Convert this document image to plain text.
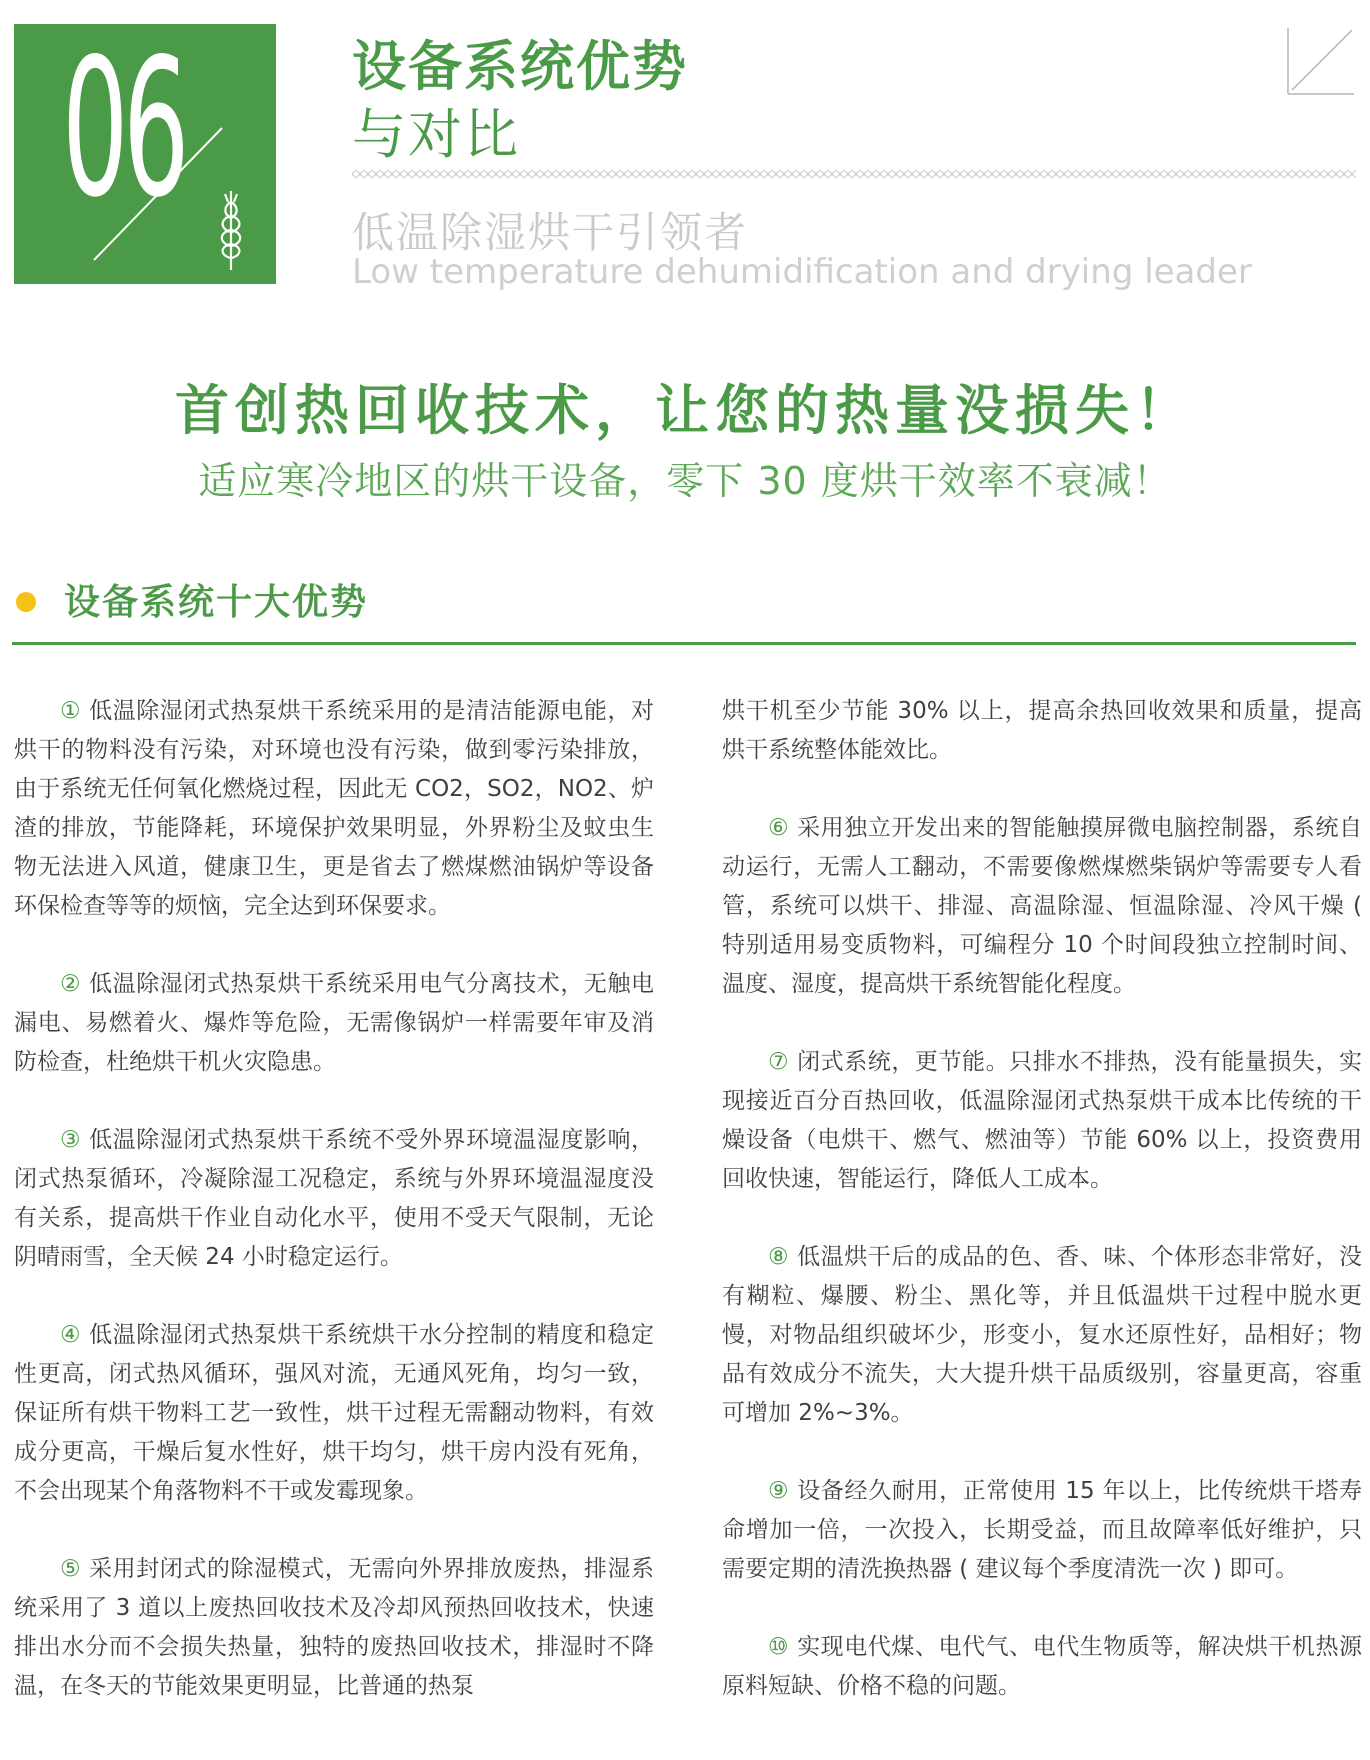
06	设备系统优势
与对比
低温除湿烘干引领者
Low temperature dehumidification and drying leader
首创热回收技术，让您的热量没损失！
适应寒冷地区的烘干设备，零下 30 度烘干效率不衰减！
设备系统十大优势

① 低温除湿闭式热泵烘干系统采用的是清洁能源电能，对烘干的物料没有污染，对环境也没有污染，做到零污染排放，由于系统无任何氧化燃烧过程，因此无 CO2，SO2，NO2、炉渣的排放，节能降耗，环境保护效果明显，外界粉尘及蚊虫生物无法进入风道，健康卫生，更是省去了燃煤燃油锅炉等设备环保检查等等的烦恼，完全达到环保要求。

② 低温除湿闭式热泵烘干系统采用电气分离技术，无触电漏电、易燃着火、爆炸等危险，无需像锅炉一样需要年审及消防检查，杜绝烘干机火灾隐患。

③ 低温除湿闭式热泵烘干系统不受外界环境温湿度影响，闭式热泵循环，冷凝除湿工况稳定，系统与外界环境温湿度没有关系，提高烘干作业自动化水平，使用不受天气限制，无论阴晴雨雪，全天候 24 小时稳定运行。

④ 低温除湿闭式热泵烘干系统烘干水分控制的精度和稳定性更高，闭式热风循环，强风对流，无通风死角，均匀一致，保证所有烘干物料工艺一致性，烘干过程无需翻动物料，有效成分更高，干燥后复水性好，烘干均匀，烘干房内没有死角，不会出现某个角落物料不干或发霉现象。

⑤ 采用封闭式的除湿模式，无需向外界排放废热，排湿系统采用了 3 道以上废热回收技术及冷却风预热回收技术，快速排出水分而不会损失热量，独特的废热回收技术，排湿时不降温，在冬天的节能效果更明显，比普通的热泵

烘干机至少节能 30% 以上，提高余热回收效果和质量，提高烘干系统整体能效比。

⑥ 采用独立开发出来的智能触摸屏微电脑控制器，系统自动运行，无需人工翻动，不需要像燃煤燃柴锅炉等需要专人看管，系统可以烘干、排湿、高温除湿、恒温除湿、冷风干燥 ( 特别适用易变质物料，可编程分 10 个时间段独立控制时间、温度、湿度，提高烘干系统智能化程度。

⑦ 闭式系统，更节能。只排水不排热，没有能量损失，实现接近百分百热回收，低温除湿闭式热泵烘干成本比传统的干燥设备（电烘干、燃气、燃油等）节能 60% 以上，投资费用回收快速，智能运行，降低人工成本。

⑧ 低温烘干后的成品的色、香、味、个体形态非常好，没有糊粒、爆腰、粉尘、黑化等，并且低温烘干过程中脱水更慢，对物品组织破坏少，形变小，复水还原性好，品相好；物品有效成分不流失，大大提升烘干品质级别，容量更高，容重可增加 2%~3%。

⑨ 设备经久耐用，正常使用 15 年以上，比传统烘干塔寿命增加一倍，一次投入，长期受益，而且故障率低好维护，只需要定期的清洗换热器 ( 建议每个季度清洗一次 ) 即可。

⑩ 实现电代煤、电代气、电代生物质等，解决烘干机热源原料短缺、价格不稳的问题。
